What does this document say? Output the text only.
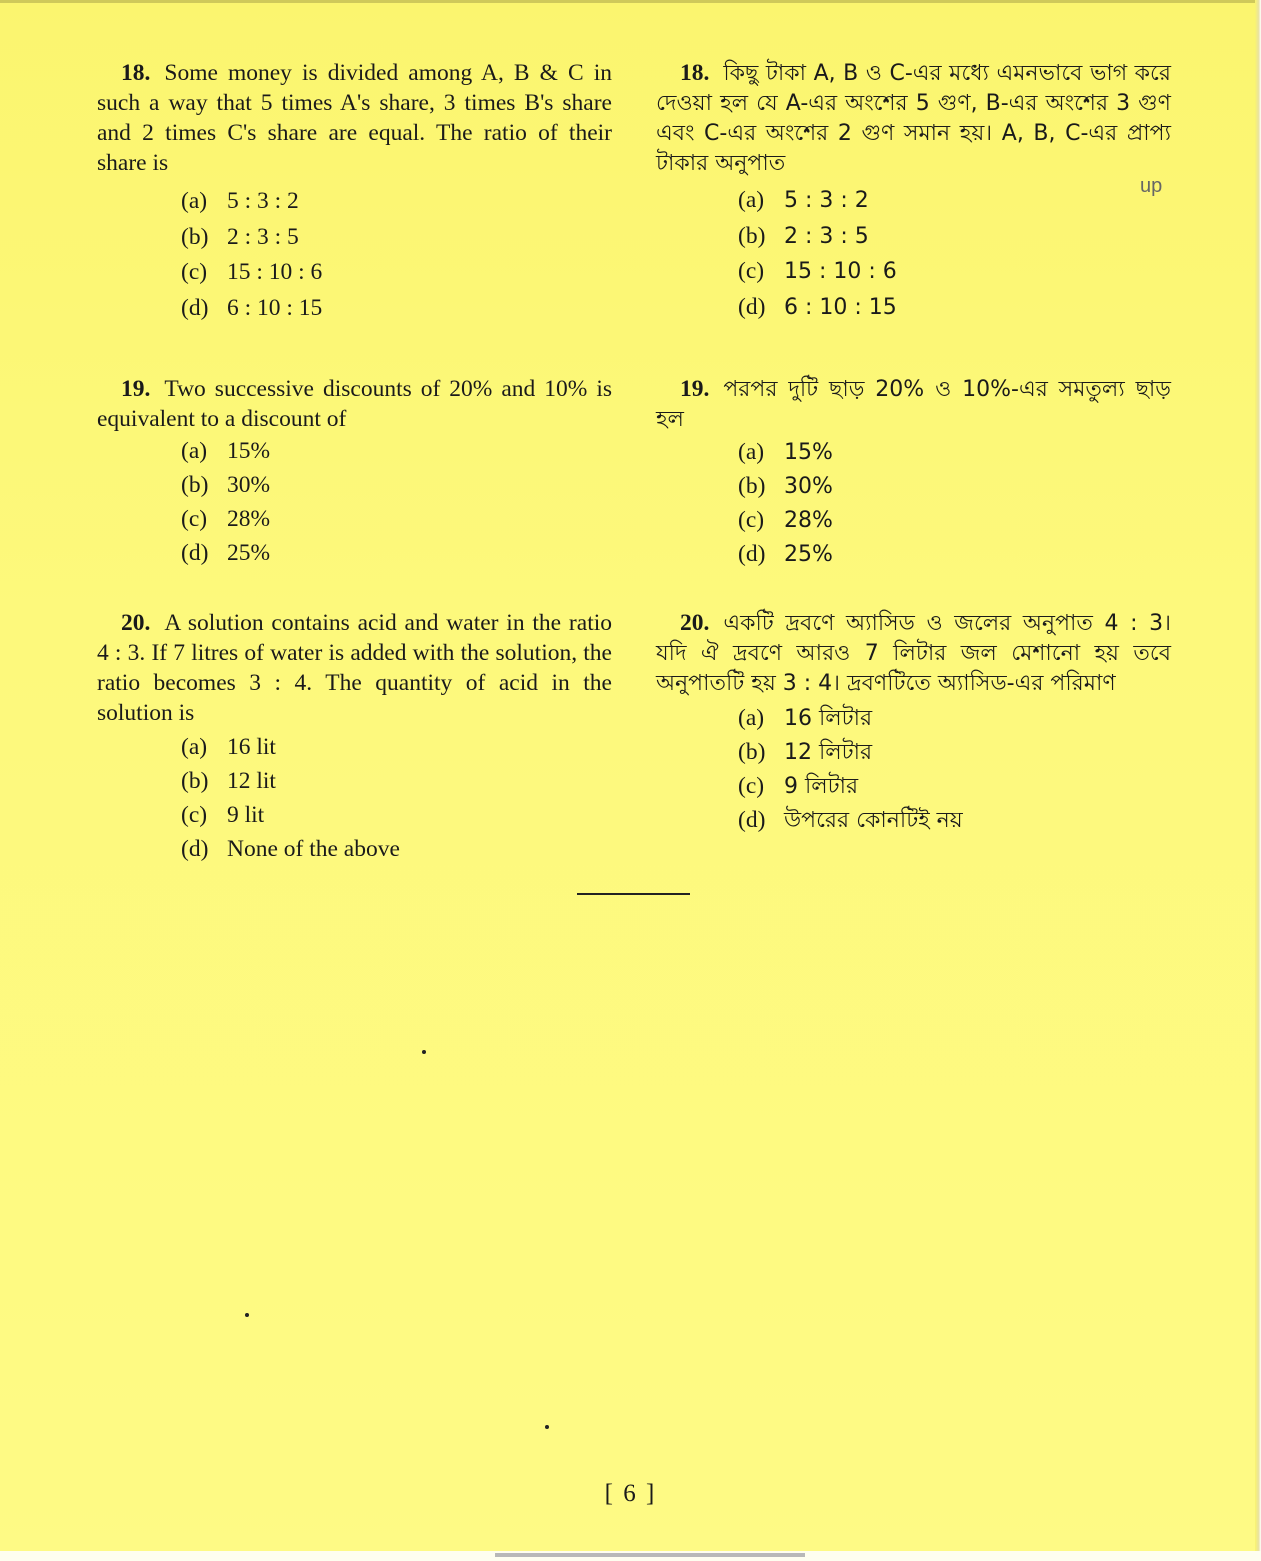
18. Some money is divided among A, B & C in such a way that 5 times A's share, 3 times B's share and 2 times C's share are equal. The ratio of their share is
(a) 5 : 3 : 2
(b) 2 : 3 : 5
(c) 15 : 10 : 6
(d) 6 : 10 : 15
19. Two successive discounts of 20% and 10% is equivalent to a discount of
(a) 15%
(b) 30%
(c) 28%
(d) 25%
20. A solution contains acid and water in the ratio 4 : 3. If 7 litres of water is added with the solution, the ratio becomes 3 : 4. The quantity of acid in the solution is
(a) 16 lit
(b) 12 lit
(c) 9 lit
(d) None of the above
18. কিছু টাকা A, B ও C-এর মধ্যে এমনভাবে ভাগ করে দেওয়া হল যে A-এর অংশের 5 গুণ, B-এর অংশের 3 গুণ এবং C-এর অংশের 2 গুণ সমান হয়। A, B, C-এর প্রাপ্য টাকার অনুপাত
(a) 5 : 3 : 2
(b) 2 : 3 : 5
(c) 15 : 10 : 6
(d) 6 : 10 : 15
19. পরপর দুটি ছাড় 20% ও 10%-এর সমতুল্য ছাড় হল
(a) 15%
(b) 30%
(c) 28%
(d) 25%
20. একটি দ্রবণে অ্যাসিড ও জলের অনুপাত 4 : 3। যদি ঐ দ্রবণে আরও 7 লিটার জল মেশানো হয় তবে অনুপাতটি হয় 3 : 4। দ্রবণটিতে অ্যাসিড-এর পরিমাণ
(a) 16 লিটার
(b) 12 লিটার
(c) 9 লিটার
(d) উপরের কোনটিই নয়
up
[ 6 ]
